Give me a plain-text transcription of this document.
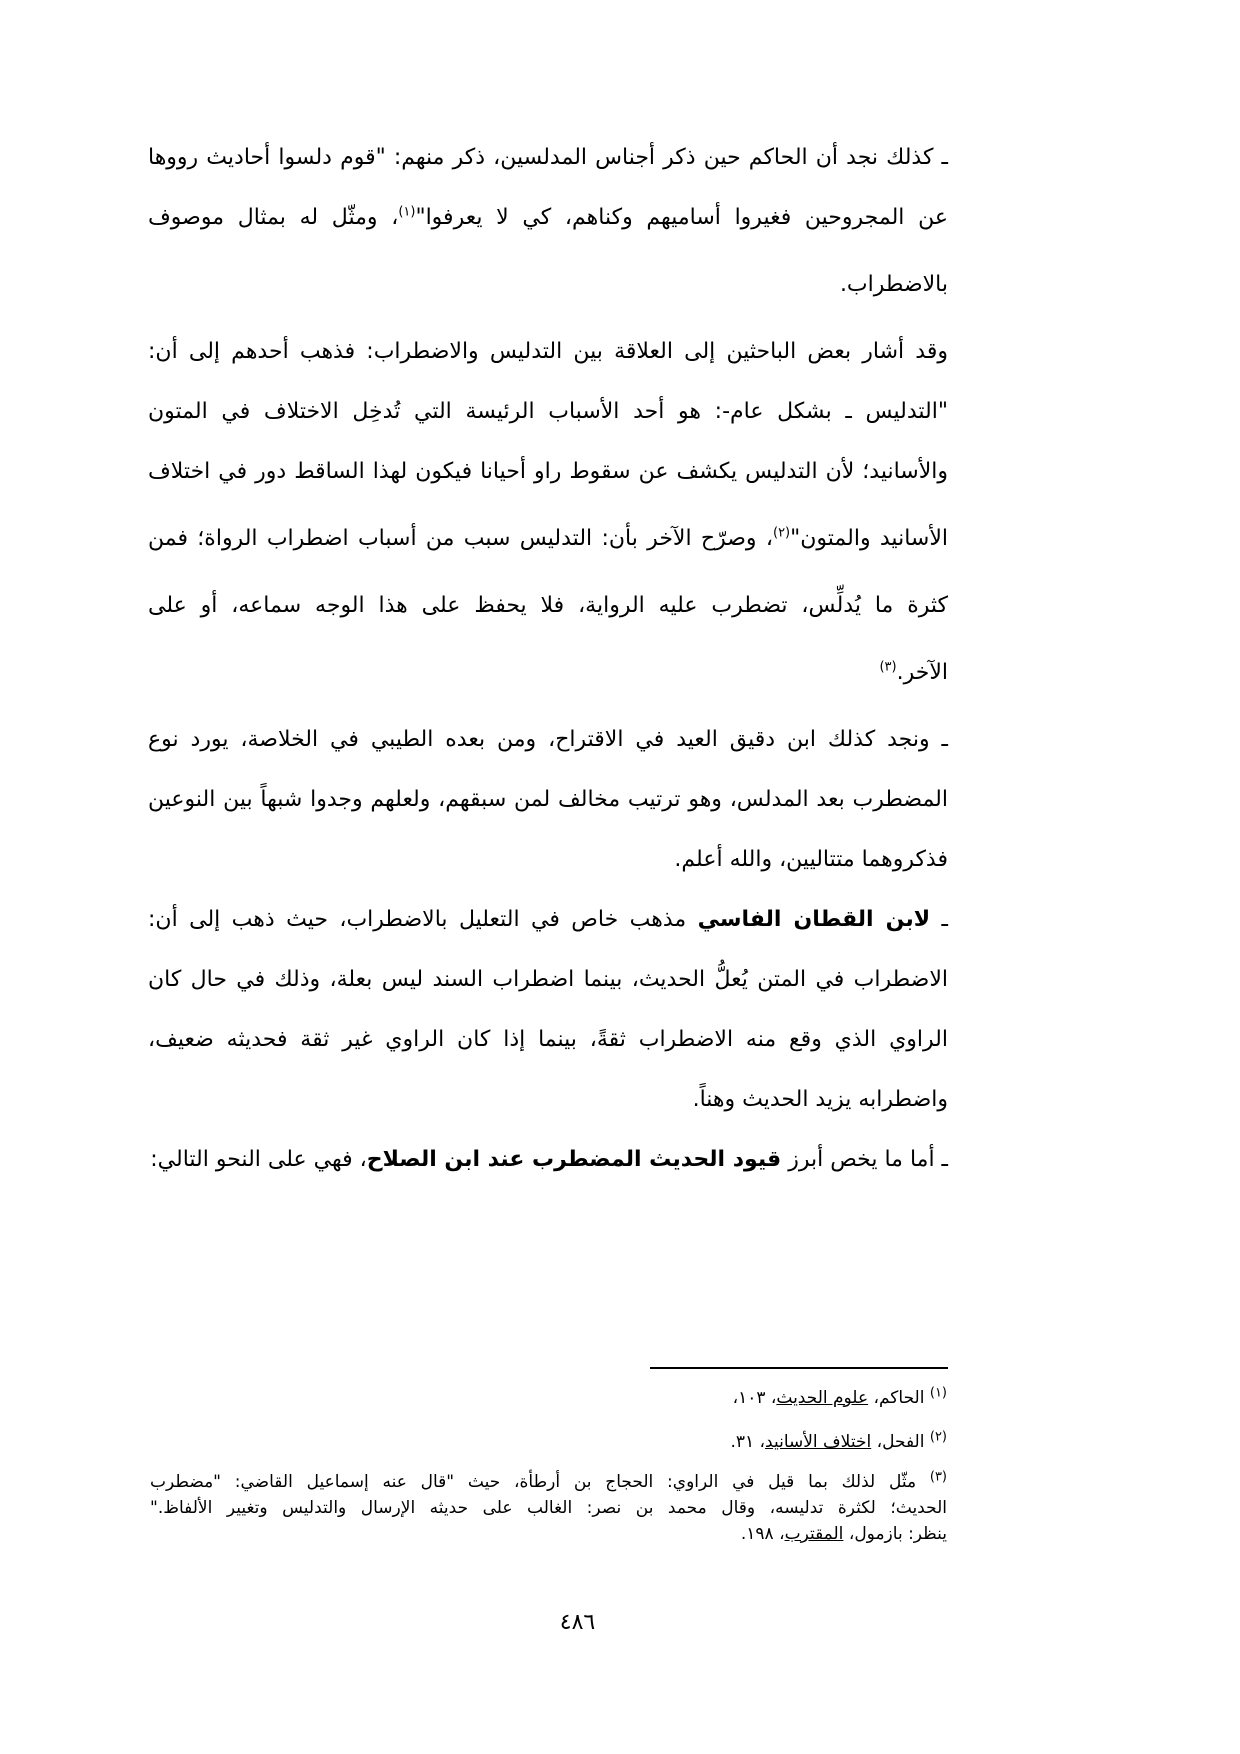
ـ كذلك نجد أن الحاكم حين ذكر أجناس المدلسين، ذكر منهم: "قوم دلسوا أحاديث رووها
عن المجروحين فغيروا أساميهم وكناهم، كي لا يعرفوا"$^{(١)}$، ومثّل له بمثال موصوف
بالاضطراب.
وقد أشار بعض الباحثين إلى العلاقة بين التدليس والاضطراب: فذهب أحدهم إلى أن:
"التدليس ـ بشكل عام-: هو أحد الأسباب الرئيسة التي تُدخِل الاختلاف في المتون
والأسانيد؛ لأن التدليس يكشف عن سقوط راو أحيانا فيكون لهذا الساقط دور في اختلاف
الأسانيد والمتون"$^{(٢)}$، وصرّح الآخر بأن: التدليس سبب من أسباب اضطراب الرواة؛ فمن
كثرة ما يُدلِّس، تضطرب عليه الرواية، فلا يحفظ على هذا الوجه سماعه، أو على
الآخر.$^{(٣)}$
ـ ونجد كذلك ابن دقيق العيد في الاقتراح، ومن بعده الطيبي في الخلاصة، يورد نوع
المضطرب بعد المدلس، وهو ترتيب مخالف لمن سبقهم، ولعلهم وجدوا شبهاً بين النوعين
فذكروهما متتاليين، والله أعلم.
ـ لابن القطان الفاسي مذهب خاص في التعليل بالاضطراب، حيث ذهب إلى أن:
الاضطراب في المتن يُعلُّ الحديث، بينما اضطراب السند ليس بعلة، وذلك في حال كان
الراوي الذي وقع منه الاضطراب ثقةً، بينما إذا كان الراوي غير ثقة فحديثه ضعيف،
واضطرابه يزيد الحديث وهناً.
ـ أما ما يخص أبرز قيود الحديث المضطرب عند ابن الصلاح، فهي على النحو التالي:
$^{(١)}$ الحاكم، علوم الحديث، ١٠٣،
$^{(٢)}$ الفحل، اختلاف الأسانيد، ٣١.
$^{(٣)}$ مثّل لذلك بما قيل في الراوي: الحجاج بن أرطأة، حيث "قال عنه إسماعيل القاضي: "مضطرب
الحديث؛ لكثرة تدليسه، وقال محمد بن نصر: الغالب على حديثه الإرسال والتدليس وتغيير الألفاظ."
ينظر: بازمول، المقترب، ١٩٨.
٤٨٦
